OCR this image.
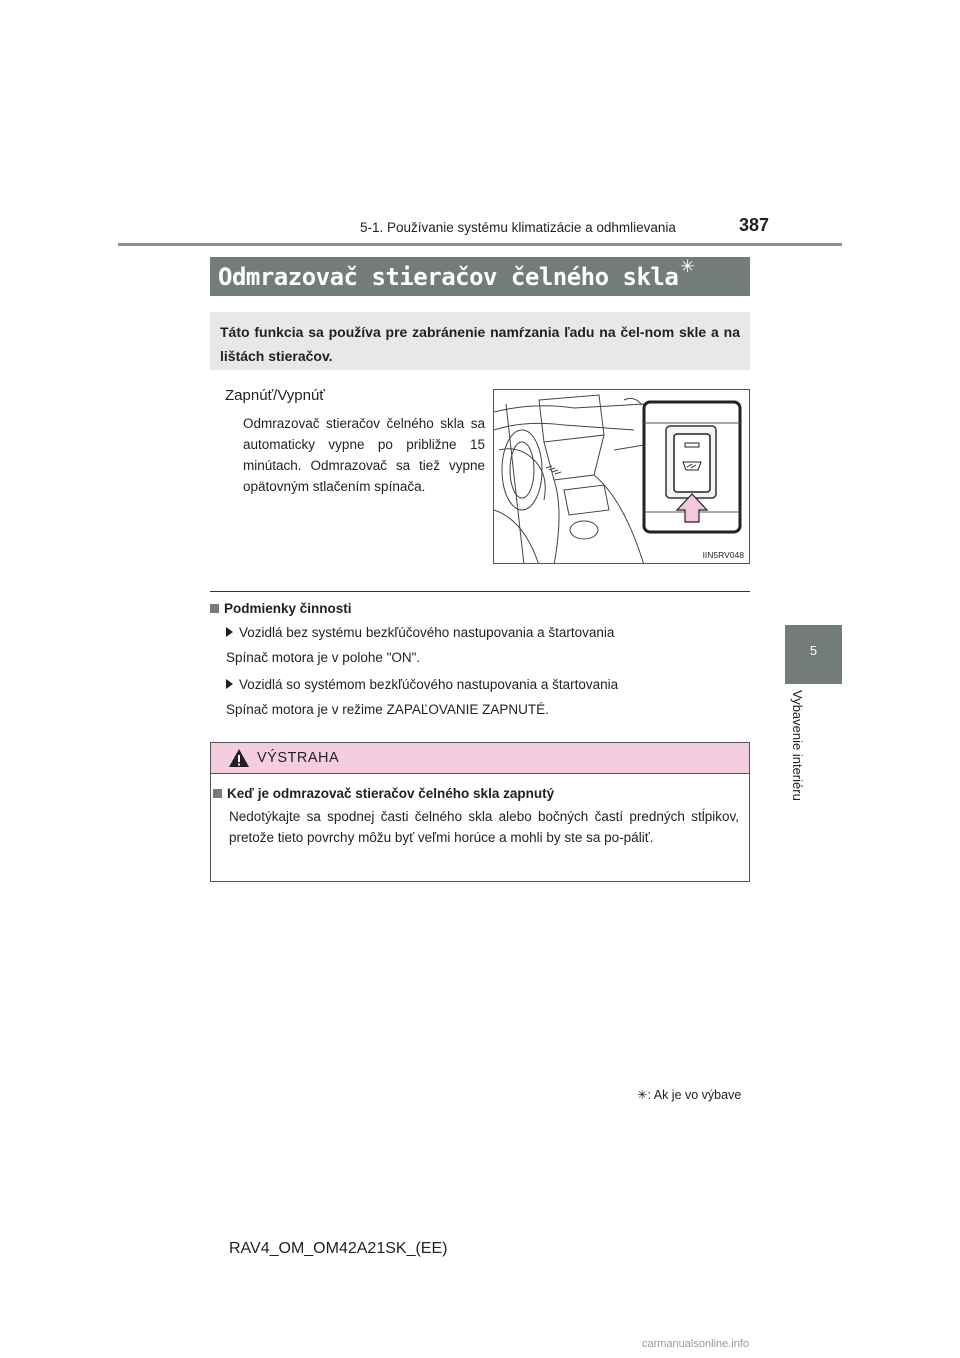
5-1. Používanie systému klimatizácie a odhmlievania	387
5
Vybavenie interiéru
Odmrazovač stieračov čelného skla ✳
Táto funkcia sa používa pre zabránenie namŕzania ľadu na čel-nom skle a na lištách stieračov.
Zapnúť/Vypnúť
Odmrazovač stieračov čelného skla sa automaticky vypne po približne 15 minútach. Odmrazovač sa tiež vypne opätovným stlačením spínača.
IIN5RV048
Podmienky činnosti
Vozidlá bez systému bezkľúčového nastupovania a štartovania
Spínač motora je v polohe "ON".
Vozidlá so systémom bezkľúčového nastupovania a štartovania
Spínač motora je v režime ZAPAĽOVANIE ZAPNUTÉ.
VÝSTRAHA
Keď je odmrazovač stieračov čelného skla zapnutý
Nedotýkajte sa spodnej časti čelného skla alebo bočných častí predných stĺpikov, pretože tieto povrchy môžu byť veľmi horúce a mohli by ste sa po-páliť.
✳: Ak je vo výbave
RAV4_OM_OM42A21SK_(EE)
carmanualsonline.info
